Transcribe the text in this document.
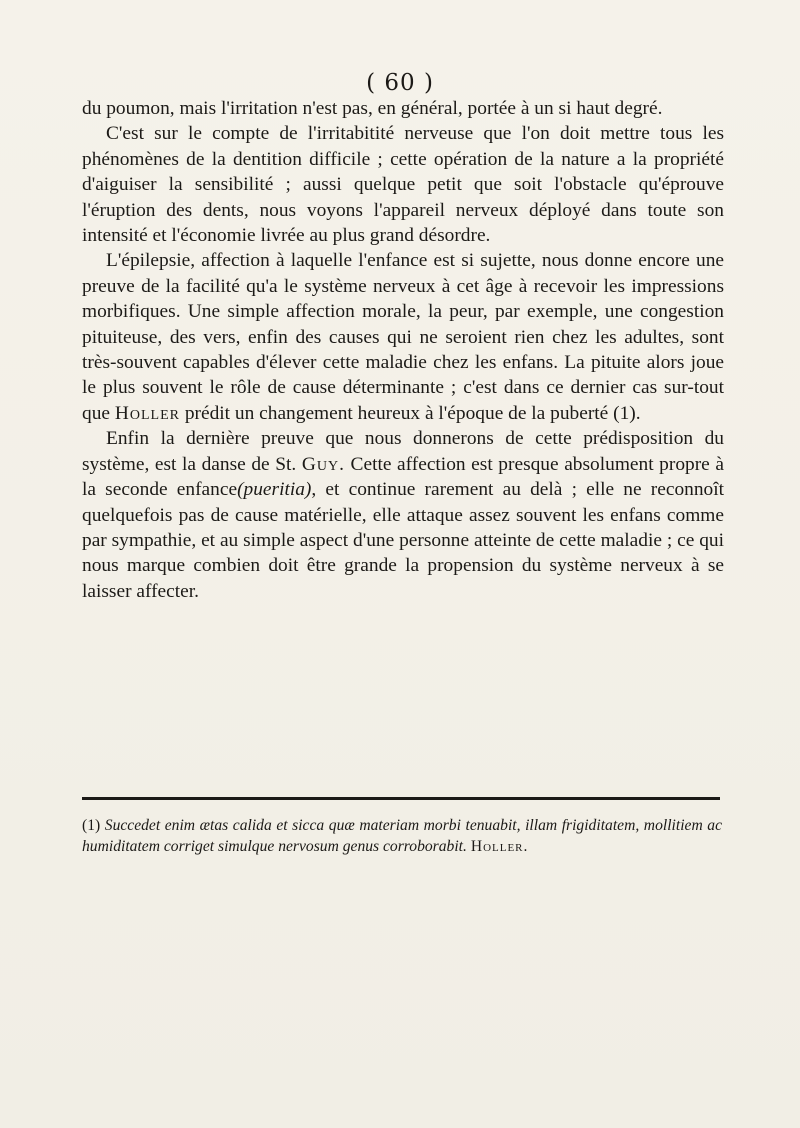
( 60 )

du poumon, mais l'irritation n'est pas, en général, portée à un si haut degré.

C'est sur le compte de l'irritabitité nerveuse que l'on doit mettre tous les phénomènes de la dentition difficile ; cette opération de la nature a la propriété d'aiguiser la sensibilité ; aussi quelque petit que soit l'obstacle qu'éprouve l'éruption des dents, nous voyons l'appareil nerveux déployé dans toute son intensité et l'économie livrée au plus grand désordre.

L'épilepsie, affection à laquelle l'enfance est si sujette, nous donne encore une preuve de la facilité qu'a le système nerveux à cet âge à recevoir les impressions morbifiques. Une simple affection morale, la peur, par exemple, une congestion pituiteuse, des vers, enfin des causes qui ne seroient rien chez les adultes, sont très-souvent capables d'élever cette maladie chez les enfans. La pituite alors joue le plus souvent le rôle de cause déterminante ; c'est dans ce dernier cas sur-tout que Holler prédit un changement heureux à l'époque de la puberté (1).

Enfin la dernière preuve que nous donnerons de cette prédisposition du système, est la danse de St. Guy. Cette affection est presque absolument propre à la seconde enfance(pueritia), et continue rarement au delà ; elle ne reconnoît quelquefois pas de cause matérielle, elle attaque assez souvent les enfans comme par sympathie, et au simple aspect d'une personne atteinte de cette maladie ; ce qui nous marque combien doit être grande la propension du système nerveux à se laisser affecter.

(1) Succedet enim ætas calida et sicca quæ materiam morbi tenuabit, illam frigiditatem, mollitiem ac humiditatem corriget simulque nervosum genus corroborabit. Holler.
